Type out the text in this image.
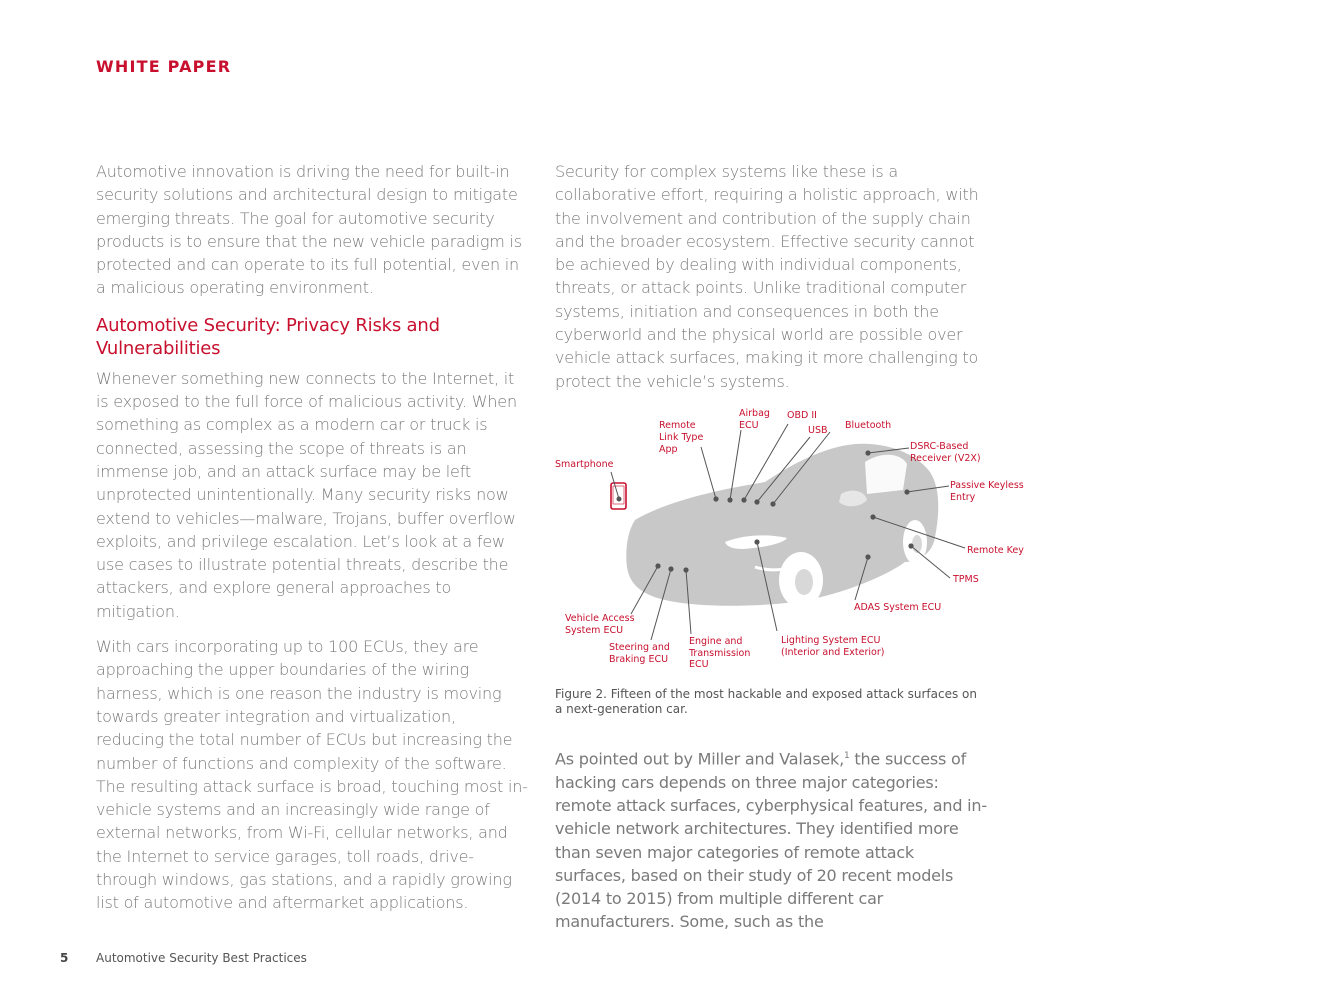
WHITE PAPER

Automotive innovation is driving the need for built-in security solutions and architectural design to mitigate emerging threats. The goal for automotive security products is to ensure that the new vehicle paradigm is protected and can operate to its full potential, even in a malicious operating environment.

Automotive Security: Privacy Risks and Vulnerabilities

Whenever something new connects to the Internet, it is exposed to the full force of malicious activity. When something as complex as a modern car or truck is connected, assessing the scope of threats is an immense job, and an attack surface may be left unprotected unintentionally. Many security risks now extend to vehicles—malware, Trojans, buffer overflow exploits, and privilege escalation. Let’s look at a few use cases to illustrate potential threats, describe the attackers, and explore general approaches to mitigation.

With cars incorporating up to 100 ECUs, they are approaching the upper boundaries of the wiring harness, which is one reason the industry is moving towards greater integration and virtualization, reducing the total number of ECUs but increasing the number of functions and complexity of the software. The resulting attack surface is broad, touching most in-vehicle systems and an increasingly wide range of external networks, from Wi-Fi, cellular networks, and the Internet to service garages, toll roads, drive-through windows, gas stations, and a rapidly growing list of automotive and aftermarket applications.

Security for complex systems like these is a collaborative effort, requiring a holistic approach, with the involvement and contribution of the supply chain and the broader ecosystem. Effective security cannot be achieved by dealing with individual components, threats, or attack points. Unlike traditional computer systems, initiation and consequences in both the cyberworld and the physical world are possible over vehicle attack surfaces, making it more challenging to protect the vehicle’s systems.

Smartphone
Remote
Link Type
App
Airbag
ECU
OBD II
USB Bluetooth
DSRC-Based
Receiver (V2X)
Passive Keyless
Entry
Remote Key
TPMS
ADAS System ECU
Lighting System ECU
(Interior and Exterior)
Engine and
Transmission
ECU
Steering and
Braking ECU
Vehicle Access
System ECU

Figure 2. Fifteen of the most hackable and exposed attack surfaces on a next-generation car.

As pointed out by Miller and Valasek,$^1$ the success of hacking cars depends on three major categories: remote attack surfaces, cyberphysical features, and in-vehicle network architectures. They identified more than seven major categories of remote attack surfaces, based on their study of 20 recent models (2014 to 2015) from multiple different car manufacturers. Some, such as the

5 Automotive Security Best Practices
